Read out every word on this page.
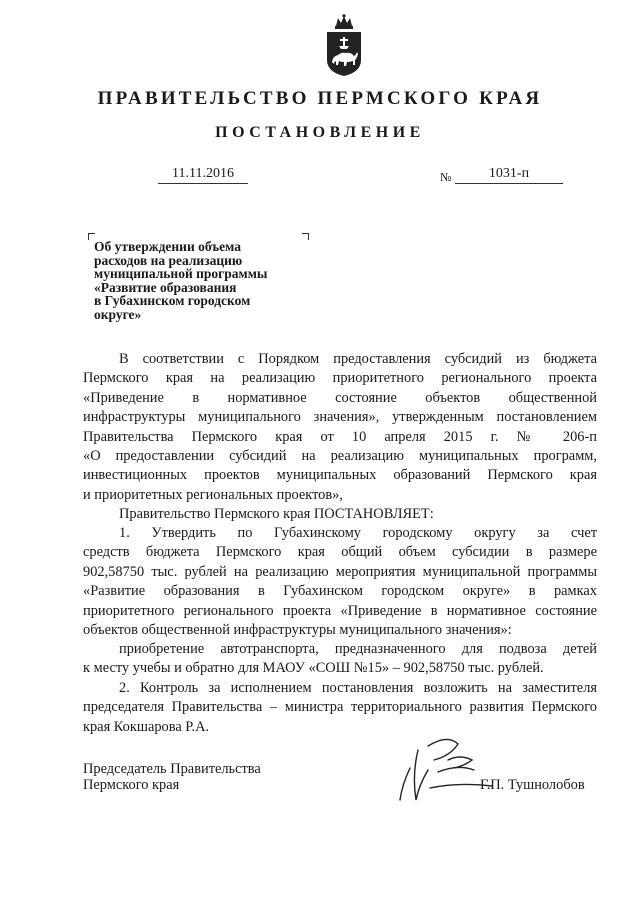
ПРАВИТЕЛЬСТВО ПЕРМСКОГО КРАЯ
ПОСТАНОВЛЕНИЕ
11.11.2016	№	1031-п
Об утверждении объема
расходов на реализацию
муниципальной программы
«Развитие образования
в Губахинском городском
округе»
В соответствии с Порядком предоставления субсидий из бюджета
Пермского края на реализацию приоритетного регионального проекта
«Приведение в нормативное состояние объектов общественной
инфраструктуры муниципального значения», утвержденным постановлением
Правительства Пермского края от 10 апреля 2015 г. № 206-п
«О предоставлении субсидий на реализацию муниципальных программ,
инвестиционных проектов муниципальных образований Пермского края
и приоритетных региональных проектов»,
Правительство Пермского края ПОСТАНОВЛЯЕТ:
1. Утвердить по Губахинскому городскому округу за счет
средств бюджета Пермского края общий объем субсидии в размере
902,58750 тыс. рублей на реализацию мероприятия муниципальной программы
«Развитие образования в Губахинском городском округе» в рамках
приоритетного регионального проекта «Приведение в нормативное состояние
объектов общественной инфраструктуры муниципального значения»:
приобретение автотранспорта, предназначенного для подвоза детей
к месту учебы и обратно для МАОУ «СОШ №15» – 902,58750 тыс. рублей.
2. Контроль за исполнением постановления возложить на заместителя
председателя Правительства – министра территориального развития Пермского
края Кокшарова Р.А.
Председатель Правительства
Пермского края	Г.П. Тушнолобов
